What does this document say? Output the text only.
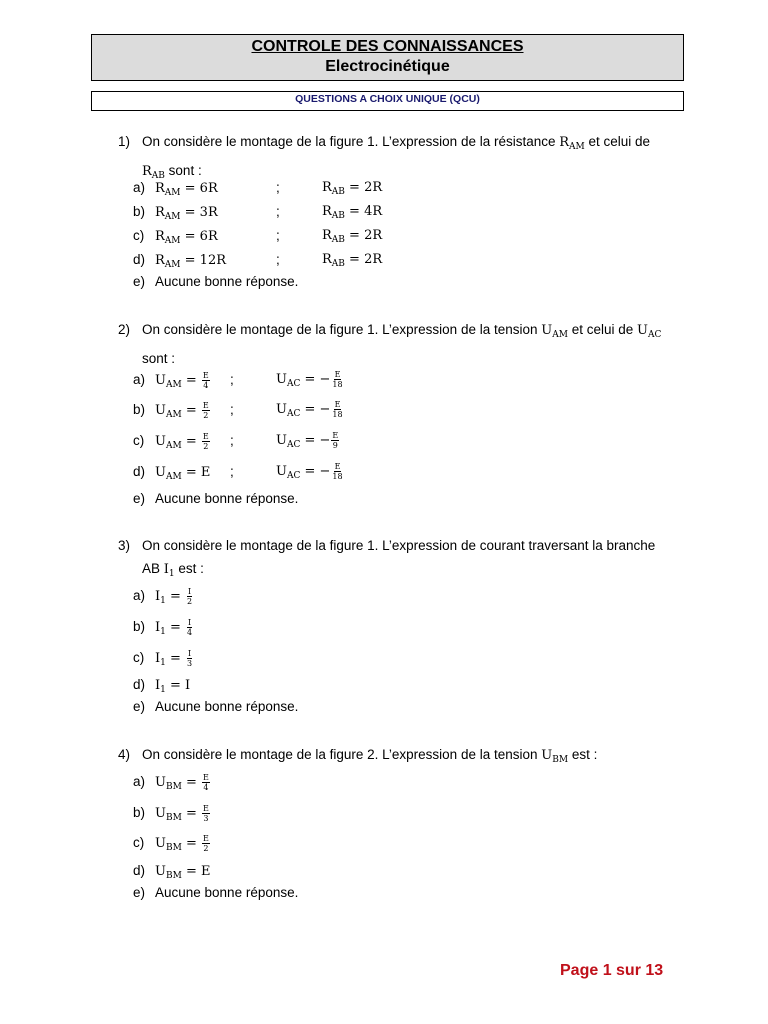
CONTROLE DES CONNAISSANCES
Electrocinétique
QUESTIONS A CHOIX UNIQUE (QCU)
1) On considère le montage de la figure 1. L’expression de la résistance $R_{AM}$ et celui de
$R_{AB}$ sont :
a) $R_{AM} = 6R$	;	$R_{AB} = 2R$
b) $R_{AM} = 3R$	;	$R_{AB} = 4R$
c) $R_{AM} = 6R$	;	$R_{AB} = 2R$
d) $R_{AM} = 12R$	;	$R_{AB} = 2R$
e) Aucune bonne réponse.
2) On considère le montage de la figure 1. L’expression de la tension $U_{AM}$ et celui de $U_{AC}$
sont :
a) $U_{AM} = \frac{E}{4}$ ;	$U_{AC}$ = − $\frac{E}{18}$
b) $U_{AM} = \frac{E}{2}$ ;	$U_{AC}$ = − $\frac{E}{18}$
c) $U_{AM} = \frac{E}{2}$ ;	$U_{AC}$ = − $\frac{E}{9}$
d) $U_{AM} = E$ ;	$U_{AC}$ = − $\frac{E}{18}$
e) Aucune bonne réponse.
3) On considère le montage de la figure 1. L’expression de courant traversant la branche
AB $I_1$ est :
a) $I_1 = \frac{I}{2}$
b) $I_1 = \frac{I}{4}$
c) $I_1 = \frac{I}{3}$
d) $I_1 = I$
e) Aucune bonne réponse.
4) On considère le montage de la figure 2. L’expression de la tension $U_{BM}$ est :
a) $U_{BM} = \frac{E}{4}$
b) $U_{BM} = \frac{E}{3}$
c) $U_{BM} = \frac{E}{2}$
d) $U_{BM} = E$
e) Aucune bonne réponse.
Page 1 sur 13
